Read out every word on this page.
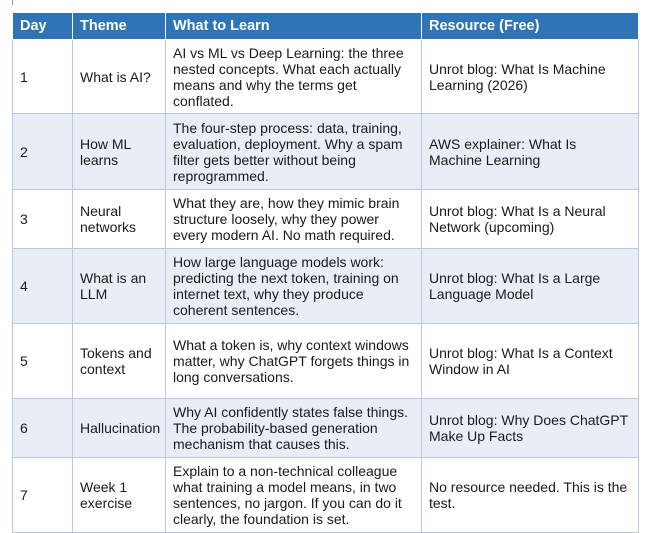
Day	Theme	What to Learn	Resource (Free)
1	What is AI?	AI vs ML vs Deep Learning: the three nested concepts. What each actually means and why the terms get conflated.	Unrot blog: What Is Machine Learning (2026)
2	How ML learns	The four-step process: data, training, evaluation, deployment. Why a spam filter gets better without being reprogrammed.	AWS explainer: What Is Machine Learning
3	Neural networks	What they are, how they mimic brain structure loosely, why they power every modern AI. No math required.	Unrot blog: What Is a Neural Network (upcoming)
4	What is an LLM	How large language models work: predicting the next token, training on internet text, why they produce coherent sentences.	Unrot blog: What Is a Large Language Model
5	Tokens and context	What a token is, why context windows matter, why ChatGPT forgets things in long conversations.	Unrot blog: What Is a Context Window in AI
6	Hallucination	Why AI confidently states false things. The probability-based generation mechanism that causes this.	Unrot blog: Why Does ChatGPT Make Up Facts
7	Week 1 exercise	Explain to a non-technical colleague what training a model means, in two sentences, no jargon. If you can do it clearly, the foundation is set.	No resource needed. This is the test.
